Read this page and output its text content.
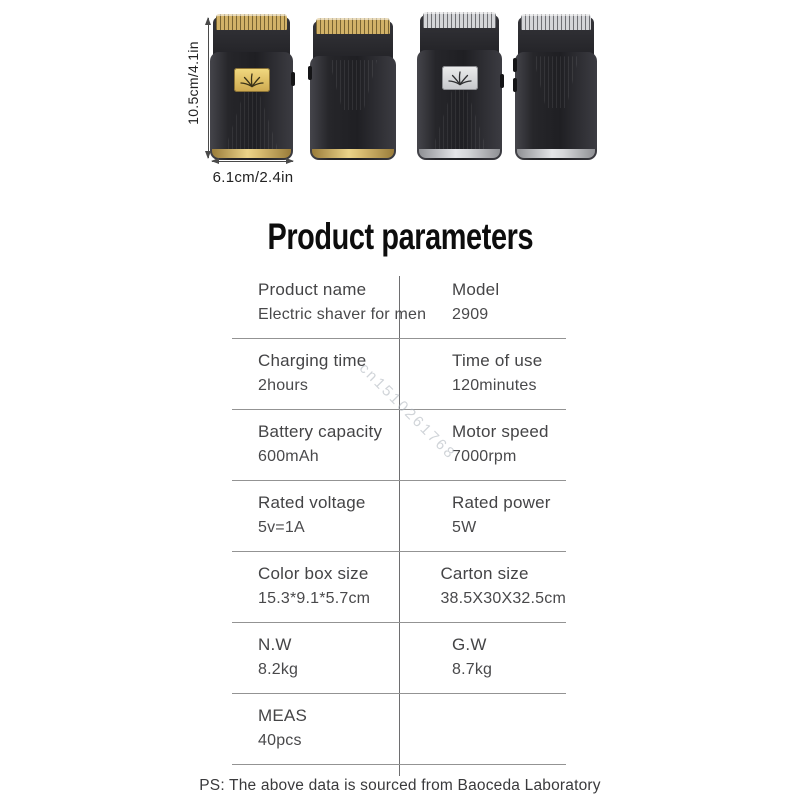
10.5cm/4.1in
6.1cm/2.4in
Product parameters
Product name
Electric shaver for men
Model
2909
Charging time
2hours
Time of use
120minutes
Battery capacity
600mAh
Motor speed
7000rpm
Rated voltage
5v=1A
Rated power
5W
Color box size
15.3*9.1*5.7cm
Carton size
38.5X30X32.5cm
N.W
8.2kg
G.W
8.7kg
MEAS
40pcs
cn1510261768
PS: The above data is sourced from Baoceda Laboratory
